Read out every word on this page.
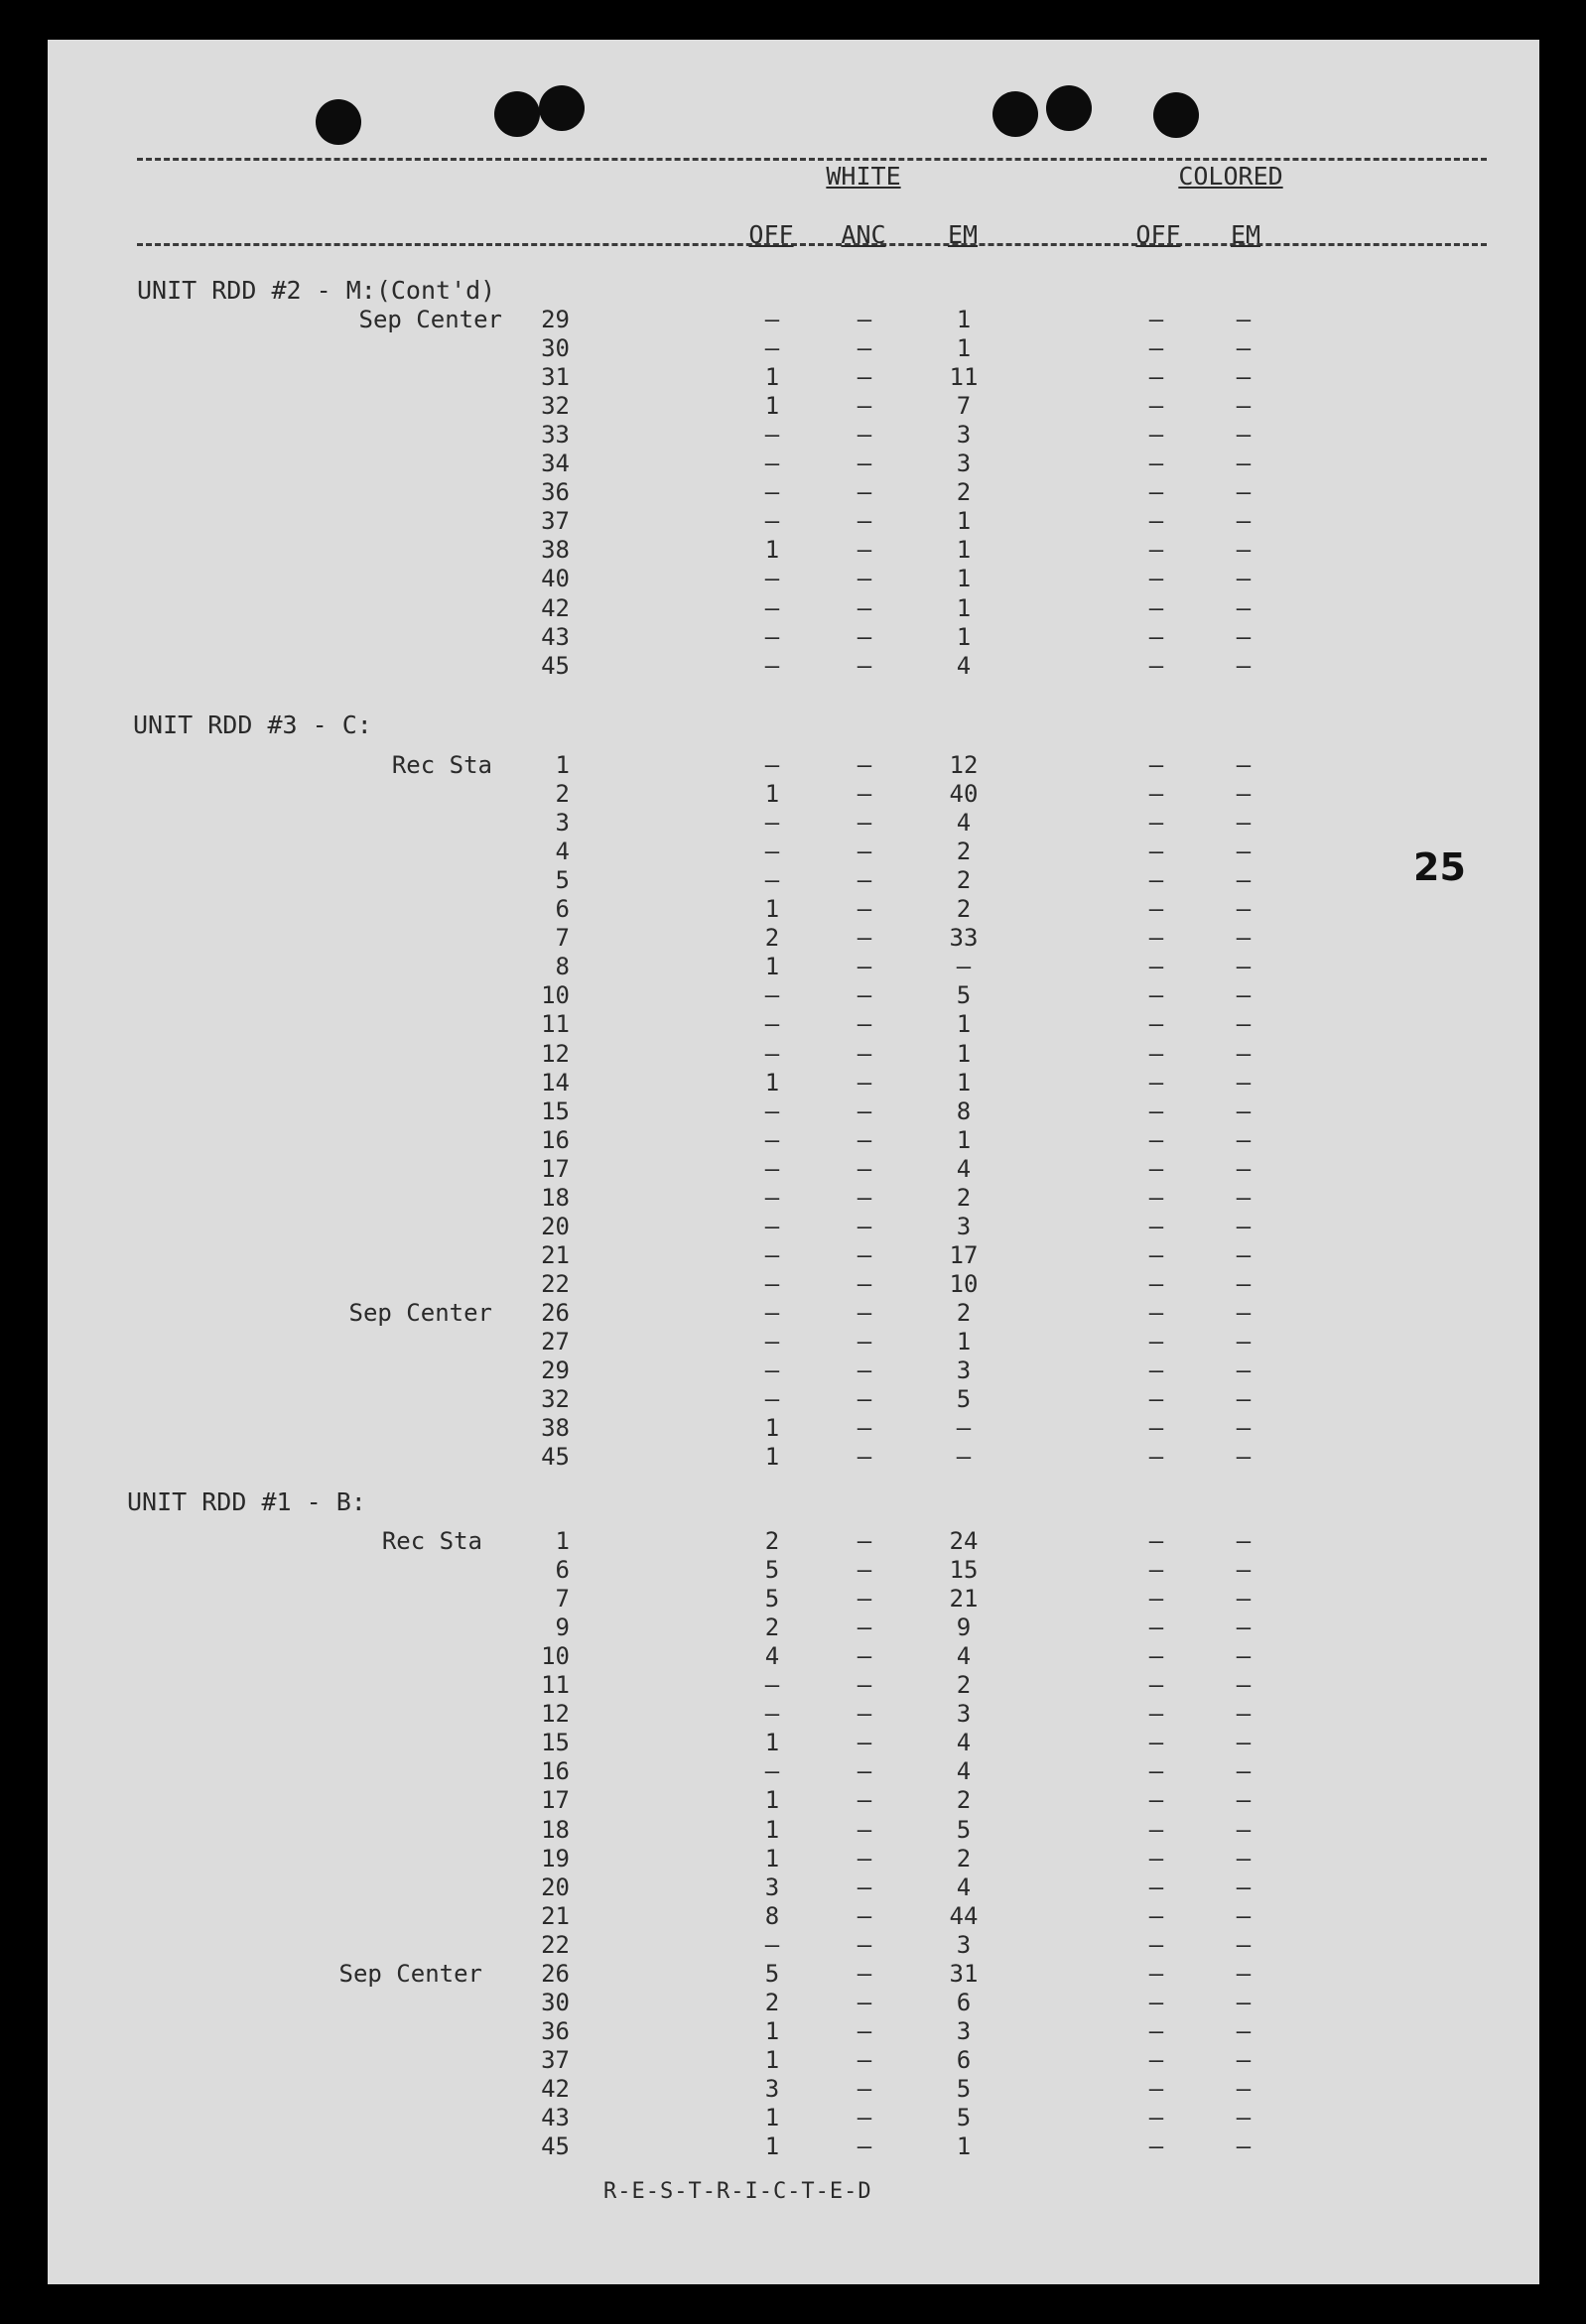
WHITE	COLORED
OFF	ANC	EM	OFF	EM
UNIT RDD #2 - M:(Cont'd)
Sep Center	29	–	–	1	–	–
30	–	–	1	–	–
31	1	–	11	–	–
32	1	–	7	–	–
33	–	–	3	–	–
34	–	–	3	–	–
36	–	–	2	–	–
37	–	–	1	–	–
38	1	–	1	–	–
40	–	–	1	–	–
42	–	–	1	–	–
43	–	–	1	–	–
45	–	–	4	–	–
UNIT RDD #3 - C:
Rec Sta	1	–	–	12	–	–
2	1	–	40	–	–
3	–	–	4	–	–
4	–	–	2	–	–
5	–	–	2	–	–
6	1	–	2	–	–
7	2	–	33	–	–
8	1	–	–	–	–
10	–	–	5	–	–
11	–	–	1	–	–
12	–	–	1	–	–
14	1	–	1	–	–
15	–	–	8	–	–
16	–	–	1	–	–
17	–	–	4	–	–
18	–	–	2	–	–
20	–	–	3	–	–
21	–	–	17	–	–
22	–	–	10	–	–
Sep Center	26	–	–	2	–	–
27	–	–	1	–	–
29	–	–	3	–	–
32	–	–	5	–	–
38	1	–	–	–	–
45	1	–	–	–	–
UNIT RDD #1 - B:
Rec Sta	1	2	–	24	–	–
6	5	–	15	–	–
7	5	–	21	–	–
9	2	–	9	–	–
10	4	–	4	–	–
11	–	–	2	–	–
12	–	–	3	–	–
15	1	–	4	–	–
16	–	–	4	–	–
17	1	–	2	–	–
18	1	–	5	–	–
19	1	–	2	–	–
20	3	–	4	–	–
21	8	–	44	–	–
22	–	–	3	–	–
Sep Center	26	5	–	31	–	–
30	2	–	6	–	–
36	1	–	3	–	–
37	1	–	6	–	–
42	3	–	5	–	–
43	1	–	5	–	–
45	1	–	1	–	–
25
R-E-S-T-R-I-C-T-E-D
